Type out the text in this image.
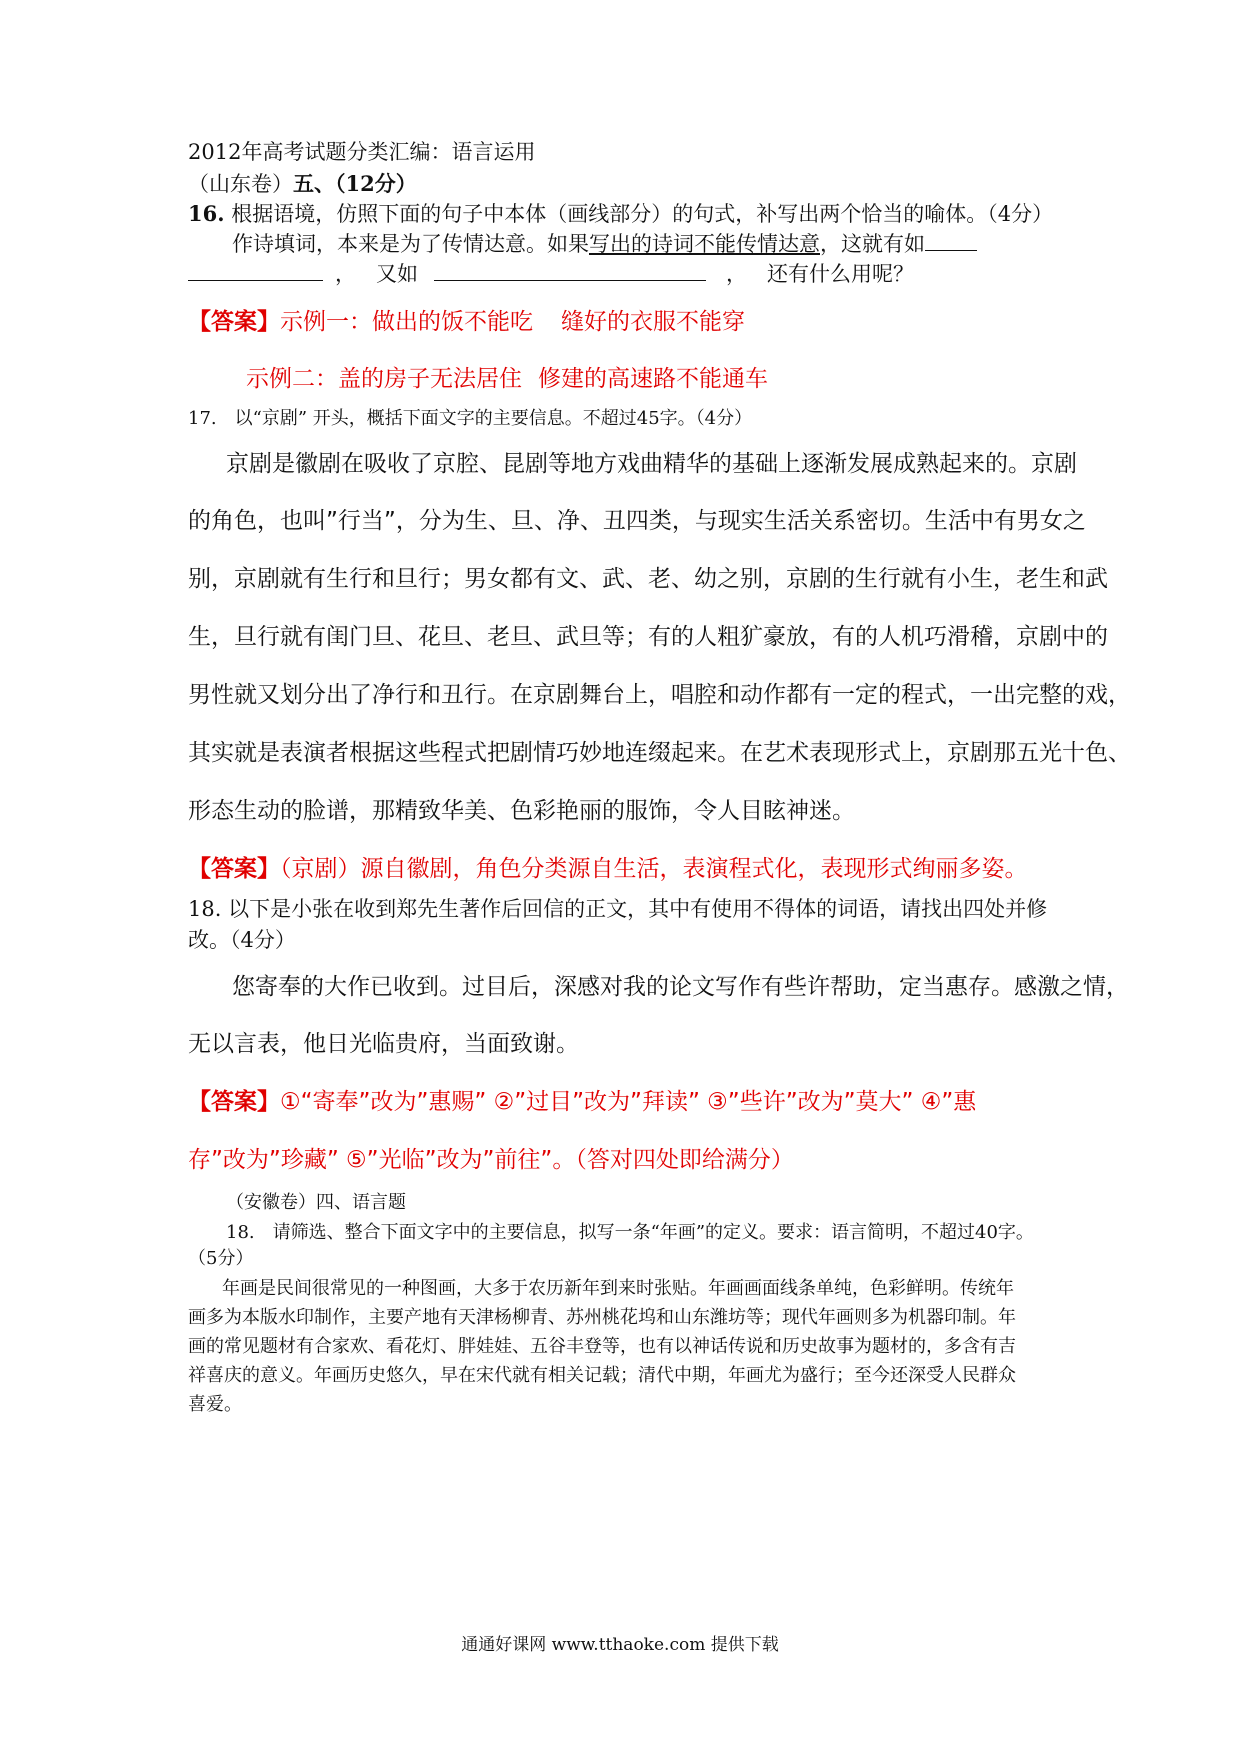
2012年高考试题分类汇编：语言运用
（山东卷）五、（12分）
16. 根据语境，仿照下面的句子中本体（画线部分）的句式，补写出两个恰当的喻体。（4分）
作诗填词，本来是为了传情达意。如果写出的诗词不能传情达意，这就有如
， 又如	， 还有什么用呢？
【答案】示例一：做出的饭不能吃 缝好的衣服不能穿
示例二：盖的房子无法居住 修建的高速路不能通车
17.　以“京剧” 开头，概括下面文字的主要信息。不超过45字。（4分）
京剧是徽剧在吸收了京腔、昆剧等地方戏曲精华的基础上逐渐发展成熟起来的。京剧
的角色，也叫”行当”，分为生、旦、净、丑四类，与现实生活关系密切。生活中有男女之
别，京剧就有生行和旦行；男女都有文、武、老、幼之别，京剧的生行就有小生，老生和武
生，旦行就有闺门旦、花旦、老旦、武旦等；有的人粗犷豪放，有的人机巧滑稽，京剧中的
男性就又划分出了净行和丑行。在京剧舞台上，唱腔和动作都有一定的程式，一出完整的戏，
其实就是表演者根据这些程式把剧情巧妙地连缀起来。在艺术表现形式上，京剧那五光十色、
形态生动的脸谱，那精致华美、色彩艳丽的服饰，令人目眩神迷。
【答案】（京剧）源自徽剧，角色分类源自生活，表演程式化，表现形式绚丽多姿。
18. 以下是小张在收到郑先生著作后回信的正文，其中有使用不得体的词语，请找出四处并修
改。（4分）
您寄奉的大作已收到。过目后，深感对我的论文写作有些许帮助，定当惠存。感激之情，
无以言表，他日光临贵府，当面致谢。
【答案】①“寄奉”改为”惠赐” ②”过目”改为”拜读” ③”些许”改为”莫大” ④”惠
存”改为”珍藏” ⑤”光临”改为”前往”。（答对四处即给满分）
（安徽卷）四、语言题
18.　请筛选、整合下面文字中的主要信息，拟写一条“年画”的定义。要求：语言简明，不超过40字。
（5分）
年画是民间很常见的一种图画，大多于农历新年到来时张贴。年画画面线条单纯，色彩鲜明。传统年
画多为本版水印制作，主要产地有天津杨柳青、苏州桃花坞和山东潍坊等；现代年画则多为机器印制。年
画的常见题材有合家欢、看花灯、胖娃娃、五谷丰登等，也有以神话传说和历史故事为题材的，多含有吉
祥喜庆的意义。年画历史悠久，早在宋代就有相关记载；清代中期，年画尤为盛行；至今还深受人民群众
喜爱。
通通好课网 www.tthaoke.com 提供下载
